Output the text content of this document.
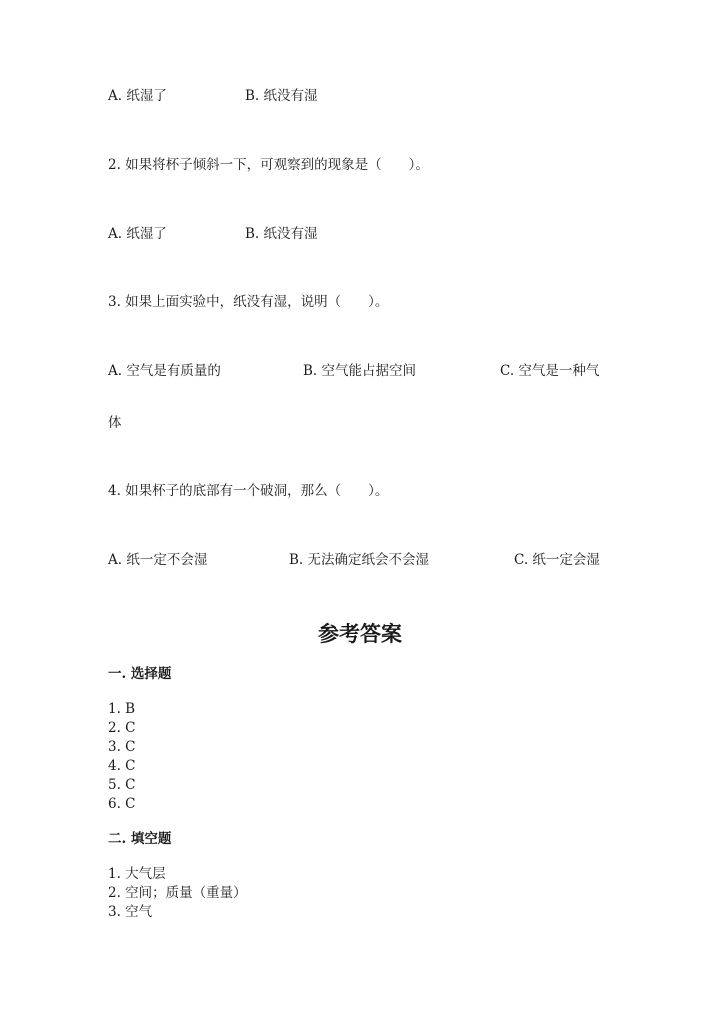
A. 纸湿了	B. 纸没有湿
2. 如果将杯子倾斜一下，可观察到的现象是（　　）。
A. 纸湿了	B. 纸没有湿
3. 如果上面实验中，纸没有湿，说明（　　）。
A. 空气是有质量的	B. 空气能占据空间	C. 空气是一种气
体
4. 如果杯子的底部有一个破洞，那么（　　）。
A. 纸一定不会湿	B. 无法确定纸会不会湿	C. 纸一定会湿
参考答案
一. 选择题
1. B
2. C
3. C
4. C
5. C
6. C
二. 填空题
1. 大气层
2. 空间；质量（重量）
3. 空气
